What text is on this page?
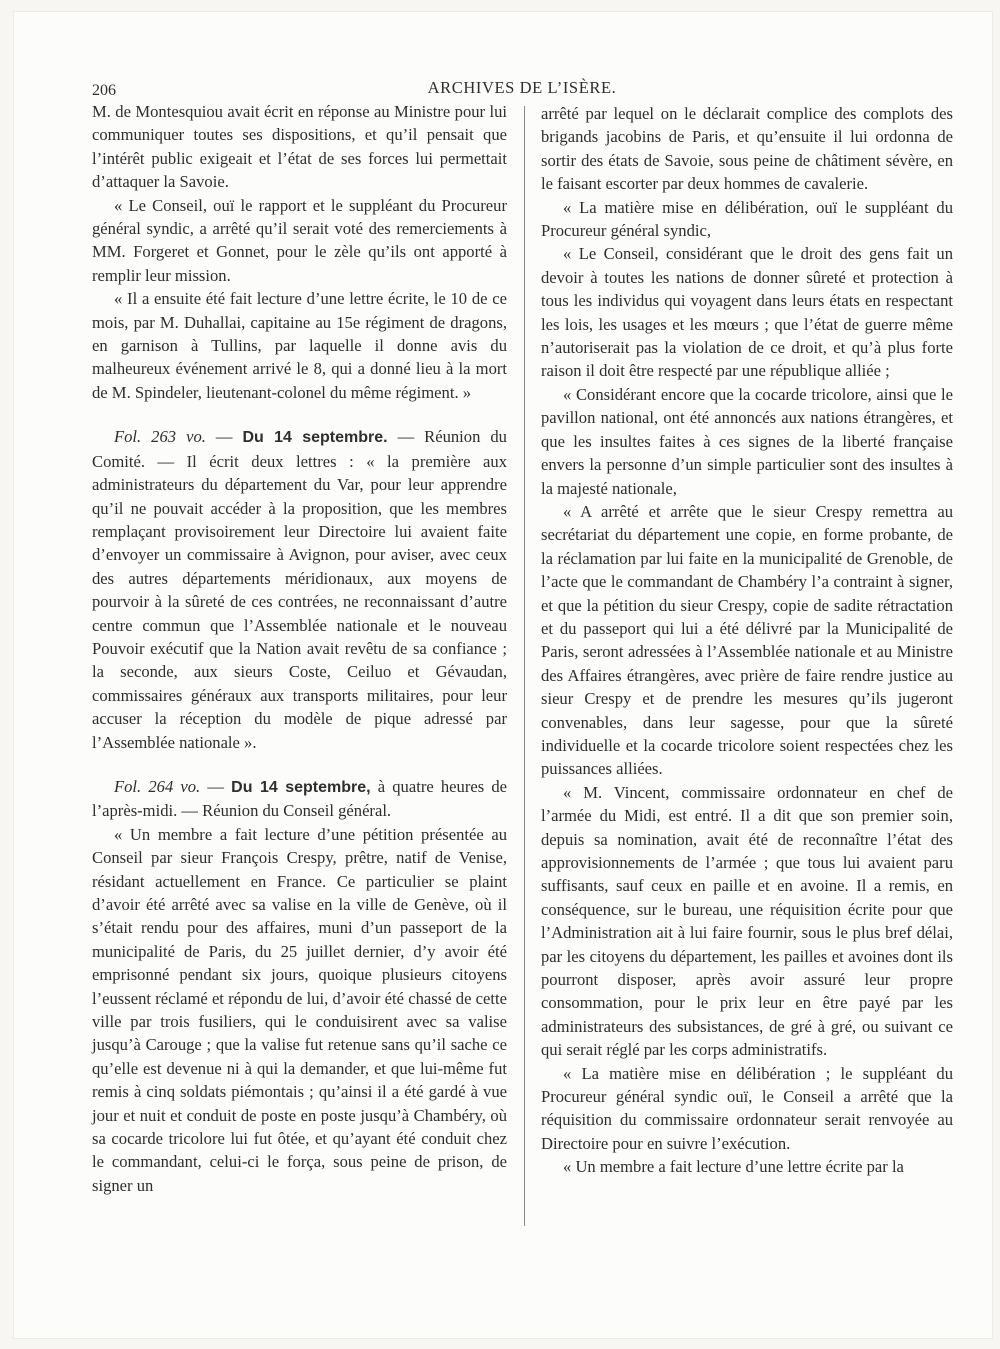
206	ARCHIVES DE L’ISÈRE.

M. de Montesquiou avait écrit en réponse au Ministre pour lui communiquer toutes ses dispositions, et qu’il pensait que l’intérêt public exigeait et l’état de ses forces lui permettait d’attaquer la Savoie.

« Le Conseil, ouï le rapport et le suppléant du Procureur général syndic, a arrêté qu’il serait voté des remerciements à MM. Forgeret et Gonnet, pour le zèle qu’ils ont apporté à remplir leur mission.

« Il a ensuite été fait lecture d’une lettre écrite, le 10 de ce mois, par M. Duhallai, capitaine au 15e régiment de dragons, en garnison à Tullins, par laquelle il donne avis du malheureux événement arrivé le 8, qui a donné lieu à la mort de M. Spindeler, lieutenant-colonel du même régiment. »

Fol. 263 vo. — Du 14 septembre. — Réunion du Comité. — Il écrit deux lettres : « la première aux administrateurs du département du Var, pour leur apprendre qu’il ne pouvait accéder à la proposition, que les membres remplaçant provisoirement leur Directoire lui avaient faite d’envoyer un commissaire à Avignon, pour aviser, avec ceux des autres départements méridionaux, aux moyens de pourvoir à la sûreté de ces contrées, ne reconnaissant d’autre centre commun que l’Assemblée nationale et le nouveau Pouvoir exécutif que la Nation avait revêtu de sa confiance ; la seconde, aux sieurs Coste, Ceiluo et Gévaudan, commissaires généraux aux transports militaires, pour leur accuser la réception du modèle de pique adressé par l’Assemblée nationale ».

Fol. 264 vo. — Du 14 septembre, à quatre heures de l’après-midi. — Réunion du Conseil général.

« Un membre a fait lecture d’une pétition présentée au Conseil par sieur François Crespy, prêtre, natif de Venise, résidant actuellement en France. Ce particulier se plaint d’avoir été arrêté avec sa valise en la ville de Genève, où il s’était rendu pour des affaires, muni d’un passeport de la municipalité de Paris, du 25 juillet dernier, d’y avoir été emprisonné pendant six jours, quoique plusieurs citoyens l’eussent réclamé et répondu de lui, d’avoir été chassé de cette ville par trois fusiliers, qui le conduisirent avec sa valise jusqu’à Carouge ; que la valise fut retenue sans qu’il sache ce qu’elle est devenue ni à qui la demander, et que lui-même fut remis à cinq soldats piémontais ; qu’ainsi il a été gardé à vue jour et nuit et conduit de poste en poste jusqu’à Chambéry, où sa cocarde tricolore lui fut ôtée, et qu’ayant été conduit chez le commandant, celui-ci le força, sous peine de prison, de signer un

arrêté par lequel on le déclarait complice des complots des brigands jacobins de Paris, et qu’ensuite il lui ordonna de sortir des états de Savoie, sous peine de châtiment sévère, en le faisant escorter par deux hommes de cavalerie.

« La matière mise en délibération, ouï le suppléant du Procureur général syndic,

« Le Conseil, considérant que le droit des gens fait un devoir à toutes les nations de donner sûreté et protection à tous les individus qui voyagent dans leurs états en respectant les lois, les usages et les mœurs ; que l’état de guerre même n’autoriserait pas la violation de ce droit, et qu’à plus forte raison il doit être respecté par une république alliée ;

« Considérant encore que la cocarde tricolore, ainsi que le pavillon national, ont été annoncés aux nations étrangères, et que les insultes faites à ces signes de la liberté française envers la personne d’un simple particulier sont des insultes à la majesté nationale,

« A arrêté et arrête que le sieur Crespy remettra au secrétariat du département une copie, en forme probante, de la réclamation par lui faite en la municipalité de Grenoble, de l’acte que le commandant de Chambéry l’a contraint à signer, et que la pétition du sieur Crespy, copie de sadite rétractation et du passeport qui lui a été délivré par la Municipalité de Paris, seront adressées à l’Assemblée nationale et au Ministre des Affaires étrangères, avec prière de faire rendre justice au sieur Crespy et de prendre les mesures qu’ils jugeront convenables, dans leur sagesse, pour que la sûreté individuelle et la cocarde tricolore soient respectées chez les puissances alliées.

« M. Vincent, commissaire ordonnateur en chef de l’armée du Midi, est entré. Il a dit que son premier soin, depuis sa nomination, avait été de reconnaître l’état des approvisionnements de l’armée ; que tous lui avaient paru suffisants, sauf ceux en paille et en avoine. Il a remis, en conséquence, sur le bureau, une réquisition écrite pour que l’Administration ait à lui faire fournir, sous le plus bref délai, par les citoyens du département, les pailles et avoines dont ils pourront disposer, après avoir assuré leur propre consommation, pour le prix leur en être payé par les administrateurs des subsistances, de gré à gré, ou suivant ce qui serait réglé par les corps administratifs.

« La matière mise en délibération ; le suppléant du Procureur général syndic ouï, le Conseil a arrêté que la réquisition du commissaire ordonnateur serait renvoyée au Directoire pour en suivre l’exécution.

« Un membre a fait lecture d’une lettre écrite par la
